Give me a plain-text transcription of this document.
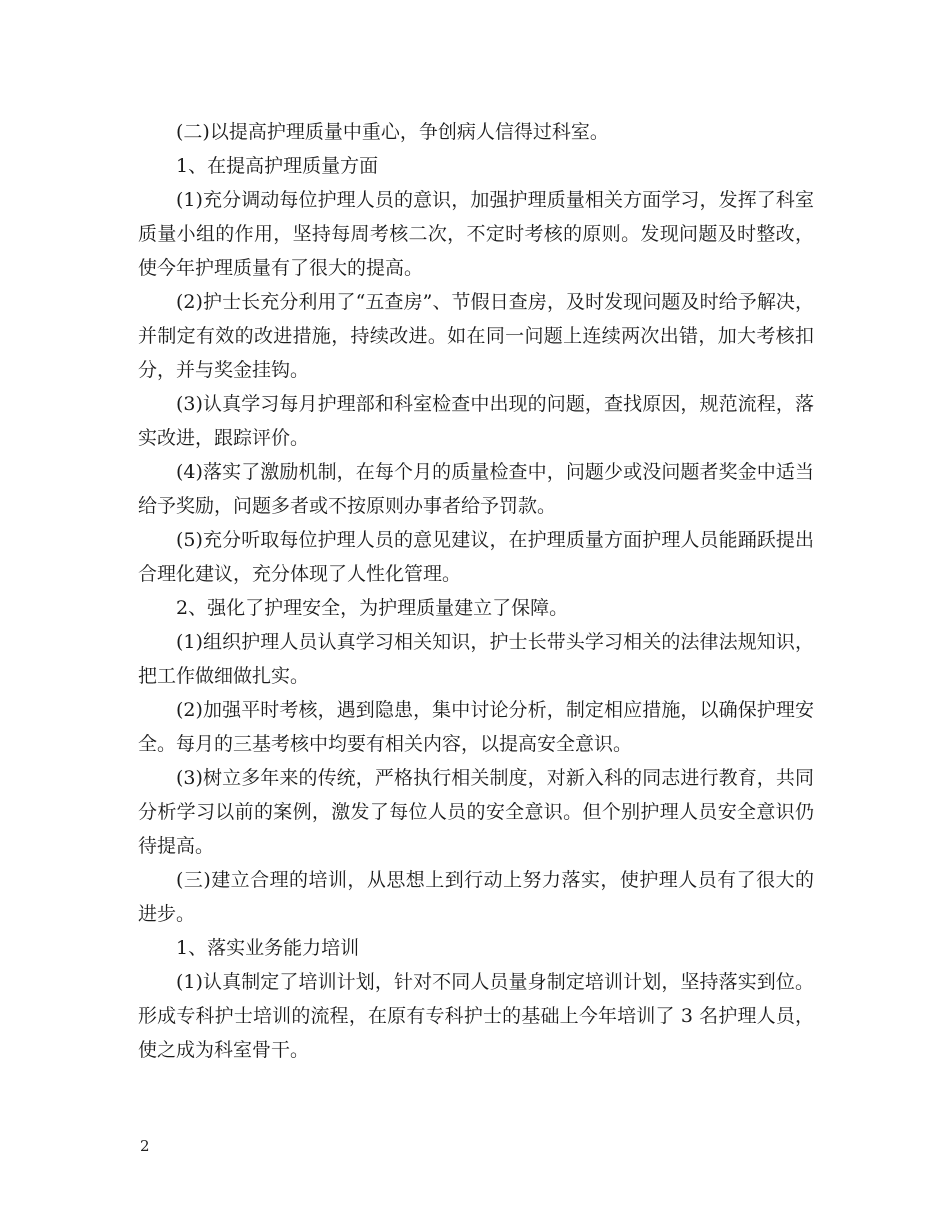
(二)以提高护理质量中重心，争创病人信得过科室。

1、在提高护理质量方面

(1)充分调动每位护理人员的意识，加强护理质量相关方面学习，发挥了科室质量小组的作用，坚持每周考核二次，不定时考核的原则。发现问题及时整改，使今年护理质量有了很大的提高。

(2)护士长充分利用了“五查房”、节假日查房，及时发现问题及时给予解决，并制定有效的改进措施，持续改进。如在同一问题上连续两次出错，加大考核扣分，并与奖金挂钩。

(3)认真学习每月护理部和科室检查中出现的问题，查找原因，规范流程，落实改进，跟踪评价。

(4)落实了激励机制，在每个月的质量检查中，问题少或没问题者奖金中适当给予奖励，问题多者或不按原则办事者给予罚款。

(5)充分听取每位护理人员的意见建议，在护理质量方面护理人员能踊跃提出合理化建议，充分体现了人性化管理。

2、强化了护理安全，为护理质量建立了保障。

(1)组织护理人员认真学习相关知识，护士长带头学习相关的法律法规知识，把工作做细做扎实。

(2)加强平时考核，遇到隐患，集中讨论分析，制定相应措施，以确保护理安全。每月的三基考核中均要有相关内容，以提高安全意识。

(3)树立多年来的传统，严格执行相关制度，对新入科的同志进行教育，共同分析学习以前的案例，激发了每位人员的安全意识。但个别护理人员安全意识仍待提高。

(三)建立合理的培训，从思想上到行动上努力落实，使护理人员有了很大的进步。

1、落实业务能力培训

(1)认真制定了培训计划，针对不同人员量身制定培训计划，坚持落实到位。形成专科护士培训的流程，在原有专科护士的基础上今年培训了 3 名护理人员，使之成为科室骨干。

2
